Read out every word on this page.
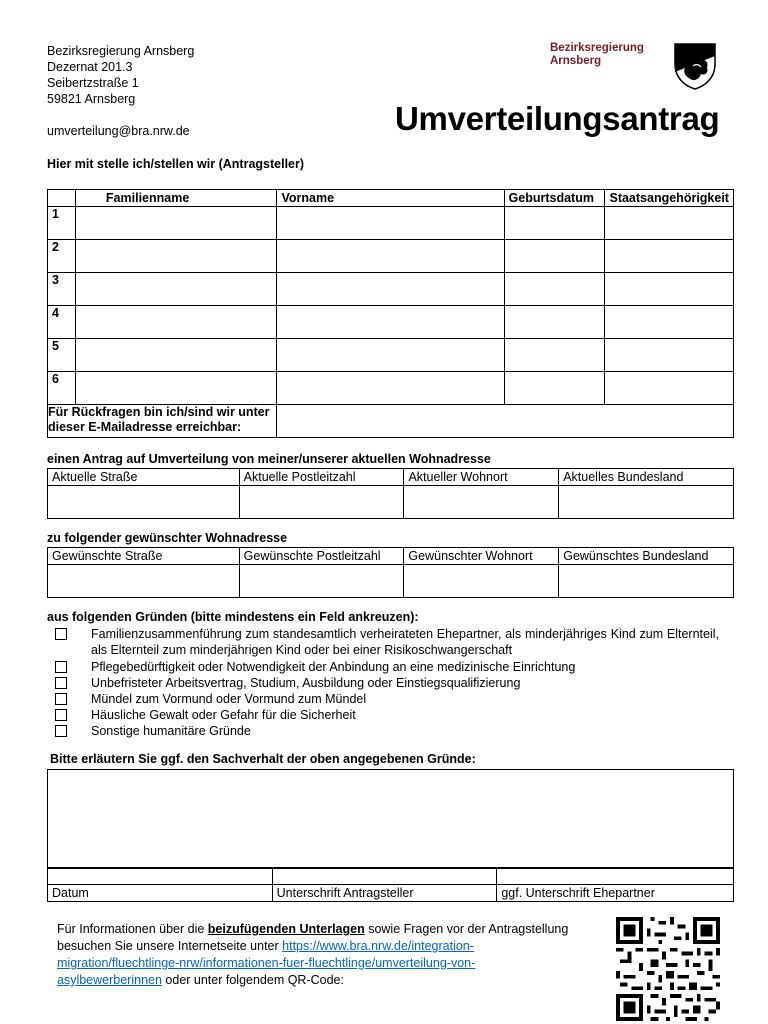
Bezirksregierung Arnsberg
Dezernat 201.3
Seibertzstraße 1
59821 Arnsberg
umverteilung@bra.nrw.de
Bezirksregierung
Arnsberg
Umverteilungsantrag
Hier mit stelle ich/stellen wir (Antragsteller)
	Familienname	Vorname	Geburtsdatum	Staatsangehörigkeit
1				
2				
3				
4				
5				
6				

Für Rückfragen bin ich/sind wir unter
dieser E-Mailadresse erreichbar:				

einen Antrag auf Umverteilung von meiner/unserer aktuellen Wohnadresse
Aktuelle Straße	Aktuelle Postleitzahl	Aktueller Wohnort	Aktuelles Bundesland

zu folgender gewünschter Wohnadresse
Gewünschte Straße	Gewünschte Postleitzahl	Gewünschter Wohnort	Gewünschtes Bundesland

aus folgenden Gründen (bitte mindestens ein Feld ankreuzen):
Familienzusammenführung zum standesamtlich verheirateten Ehepartner, als minderjähriges Kind zum Elternteil, als Elternteil zum minderjährigen Kind oder bei einer Risikoschwangerschaft
Pflegebedürftigkeit oder Notwendigkeit der Anbindung an eine medizinische Einrichtung
Unbefristeter Arbeitsvertrag, Studium, Ausbildung oder Einstiegsqualifizierung
Mündel zum Vormund oder Vormund zum Mündel
Häusliche Gewalt oder Gefahr für die Sicherheit
Sonstige humanitäre Gründe
Bitte erläutern Sie ggf. den Sachverhalt der oben angegebenen Gründe:

Datum	Unterschrift Antragsteller	ggf. Unterschrift Ehepartner
Für Informationen über die beizufügenden Unterlagen sowie Fragen vor der Antragstellung
besuchen Sie unsere Internetseite unter https://www.bra.nrw.de/integration-
migration/fluechtlinge-nrw/informationen-fuer-fluechtlinge/umverteilung-von-
asylbewerberinnen oder unter folgendem QR-Code:
